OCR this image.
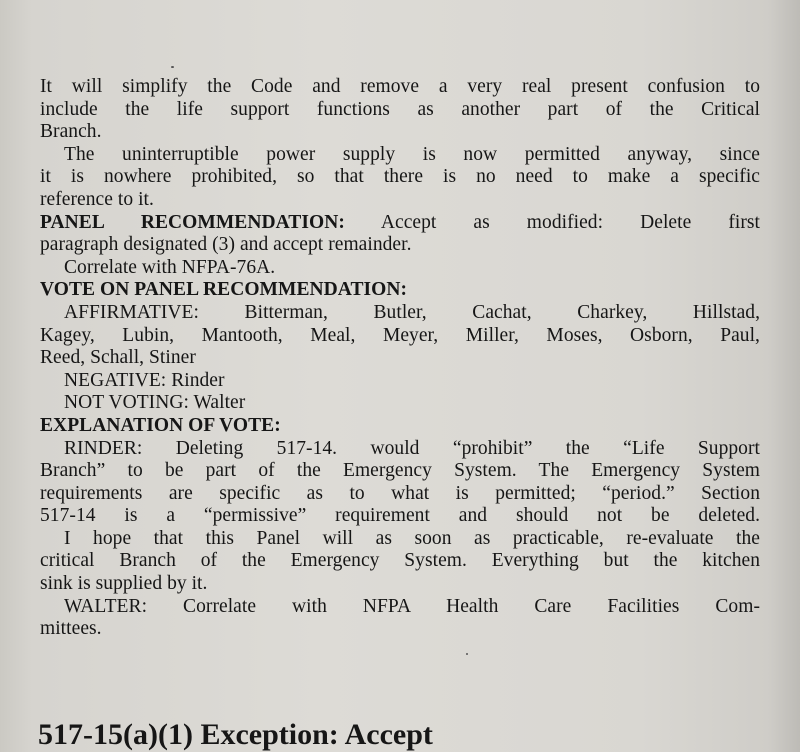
It will simplify the Code and remove a very real present confusion to
include the life support functions as another part of the Critical
Branch.
The uninterruptible power supply is now permitted anyway, since
it is nowhere prohibited, so that there is no need to make a specific
reference to it.
PANEL RECOMMENDATION: Accept as modified: Delete first
paragraph designated (3) and accept remainder.
Correlate with NFPA-76A.
VOTE ON PANEL RECOMMENDATION:
AFFIRMATIVE: Bitterman, Butler, Cachat, Charkey, Hillstad,
Kagey, Lubin, Mantooth, Meal, Meyer, Miller, Moses, Osborn, Paul,
Reed, Schall, Stiner
NEGATIVE: Rinder
NOT VOTING: Walter
EXPLANATION OF VOTE:
RINDER: Deleting 517-14. would “prohibit” the “Life Support
Branch” to be part of the Emergency System. The Emergency System
requirements are specific as to what is permitted; “period.” Section
517-14 is a “permissive” requirement and should not be deleted.
I hope that this Panel will as soon as practicable, re-evaluate the
critical Branch of the Emergency System. Everything but the kitchen
sink is supplied by it.
WALTER: Correlate with NFPA Health Care Facilities Com-
mittees.
517-15(a)(1) Exception: Accept
